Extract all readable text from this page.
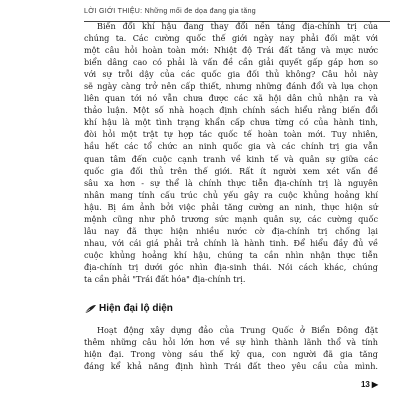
LỜI GIỚI THIỆU: Những mối đe dọa đang gia tăng
Biến đổi khí hậu đang thay đổi nền tảng địa-chính trị của
chúng ta. Các cường quốc thế giới ngày nay phải đối mặt với
một câu hỏi hoàn toàn mới: Nhiệt độ Trái đất tăng và mực nước
biển dâng cao có phải là vấn đề cần giải quyết gấp gáp hơn so
với sự trỗi dậy của các quốc gia đối thủ không? Câu hỏi này
sẽ ngày càng trở nên cấp thiết, nhưng những đánh đổi và lựa chọn
liên quan tới nó vẫn chưa được các xã hội dân chủ nhận ra và
thảo luận. Một số nhà hoạch định chính sách hiểu rằng biến đổi
khí hậu là một tình trạng khẩn cấp chưa từng có của hành tinh,
đòi hỏi một trật tự hợp tác quốc tế hoàn toàn mới. Tuy nhiên,
hầu hết các tổ chức an ninh quốc gia và các chính trị gia vẫn
quan tâm đến cuộc cạnh tranh về kinh tế và quân sự giữa các
quốc gia đối thủ trên thế giới. Rất ít người xem xét vấn đề
sâu xa hơn - sự thể là chính thực tiễn địa-chính trị là nguyên
nhân mang tính cấu trúc chủ yếu gây ra cuộc khủng hoảng khí
hậu. Bị ám ảnh bởi việc phải tăng cường an ninh, thực hiện sứ
mệnh cũng như phô trương sức mạnh quân sự, các cường quốc
lâu nay đã thực hiện nhiều nước cờ địa-chính trị chống lại
nhau, với cái giá phải trả chính là hành tinh. Để hiểu đầy đủ về
cuộc khủng hoảng khí hậu, chúng ta cần nhìn nhận thực tiễn
địa-chính trị dưới góc nhìn địa-sinh thái. Nói cách khác, chúng
ta cần phải "Trái đất hóa" địa-chính trị.
Hiện đại lộ diện
Hoạt động xây dựng đảo của Trung Quốc ở Biển Đông đặt
thêm những câu hỏi lớn hơn về sự hình thành lãnh thổ và tính
hiện đại. Trong vòng sáu thế kỷ qua, con người đã gia tăng
đáng kể khả năng định hình Trái đất theo yêu cầu của mình.
13 ▶
